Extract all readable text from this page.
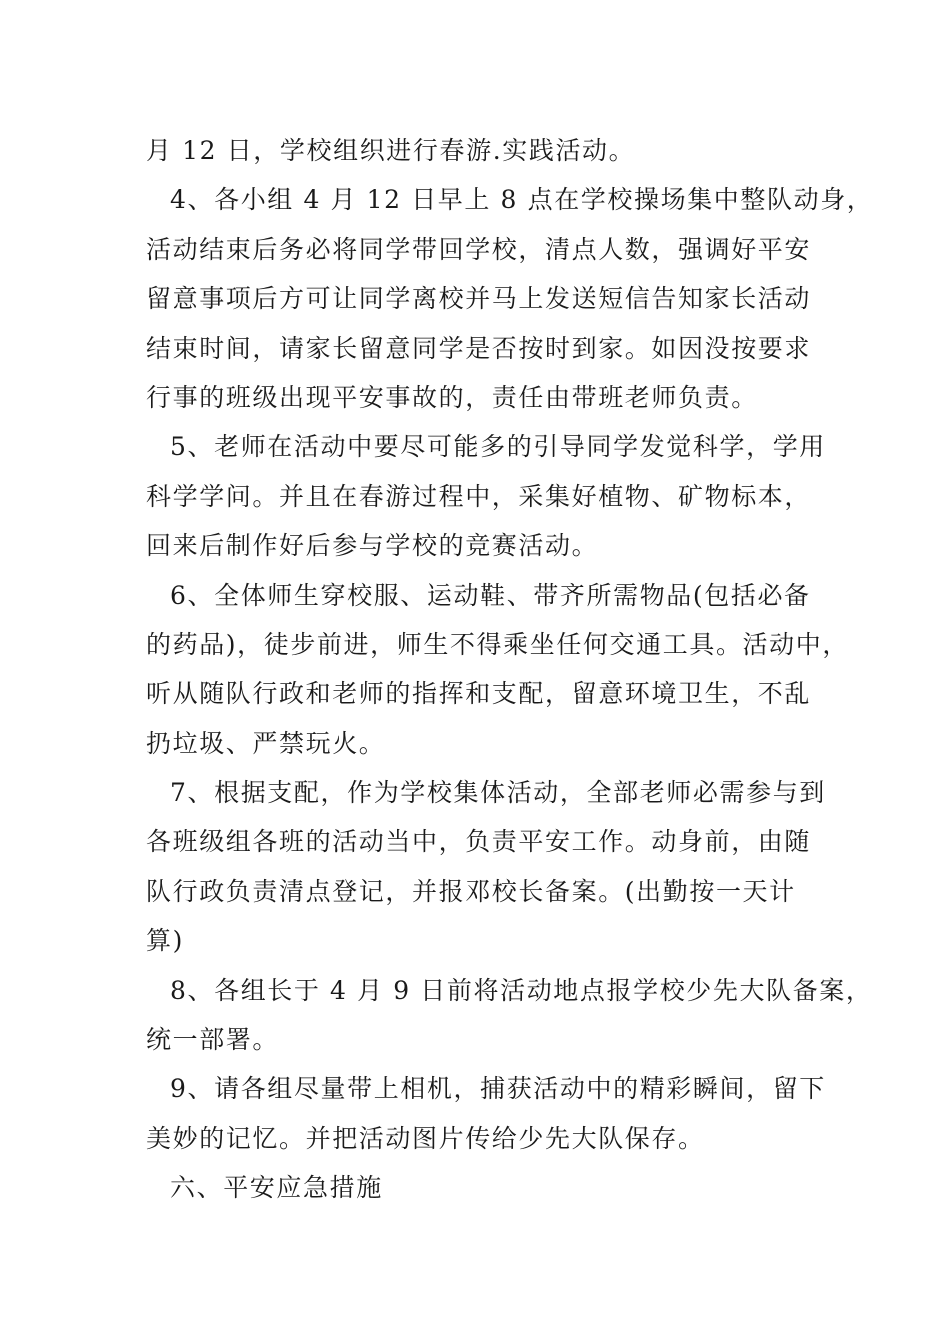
月 12 日，学校组织进行春游.实践活动。
4、各小组 4 月 12 日早上 8 点在学校操场集中整队动身，
活动结束后务必将同学带回学校，清点人数，强调好平安
留意事项后方可让同学离校并马上发送短信告知家长活动
结束时间，请家长留意同学是否按时到家。如因没按要求
行事的班级出现平安事故的，责任由带班老师负责。
5、老师在活动中要尽可能多的引导同学发觉科学，学用
科学学问。并且在春游过程中，采集好植物、矿物标本，
回来后制作好后参与学校的竞赛活动。
6、全体师生穿校服、运动鞋、带齐所需物品(包括必备
的药品)，徒步前进，师生不得乘坐任何交通工具。活动中，
听从随队行政和老师的指挥和支配，留意环境卫生，不乱
扔垃圾、严禁玩火。
7、根据支配，作为学校集体活动，全部老师必需参与到
各班级组各班的活动当中，负责平安工作。动身前，由随
队行政负责清点登记，并报邓校长备案。(出勤按一天计
算)
8、各组长于 4 月 9 日前将活动地点报学校少先大队备案，
统一部署。
9、请各组尽量带上相机，捕获活动中的精彩瞬间，留下
美妙的记忆。并把活动图片传给少先大队保存。
六、平安应急措施
